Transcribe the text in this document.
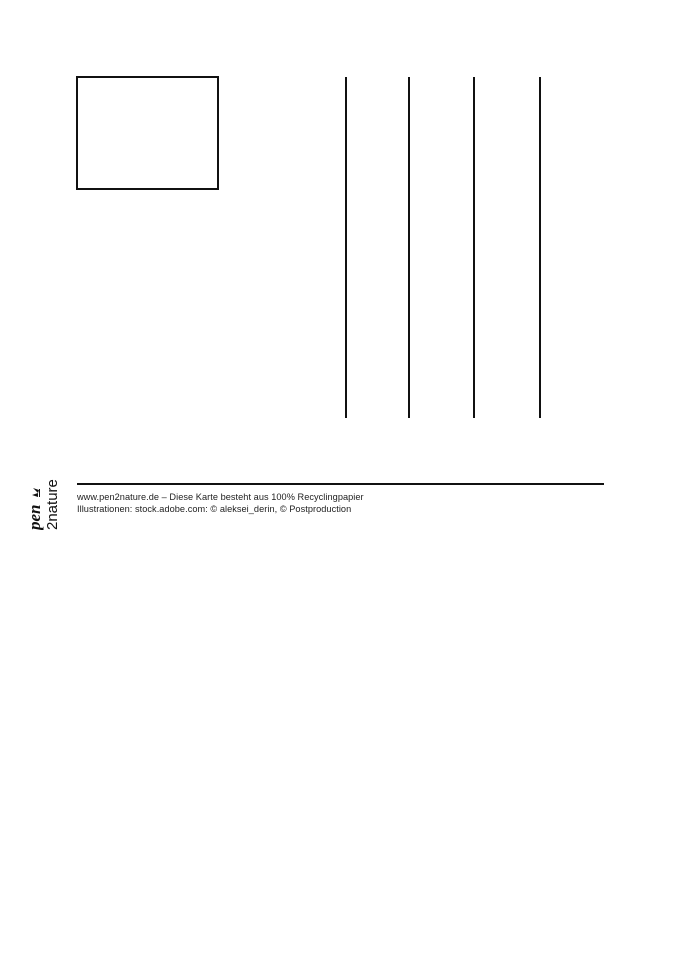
pen 2nature www.pen2nature.de – Diese Karte besteht aus 100% Recyclingpapier
Illustrationen: stock.adobe.com: © aleksei_derin, © Postproduction
